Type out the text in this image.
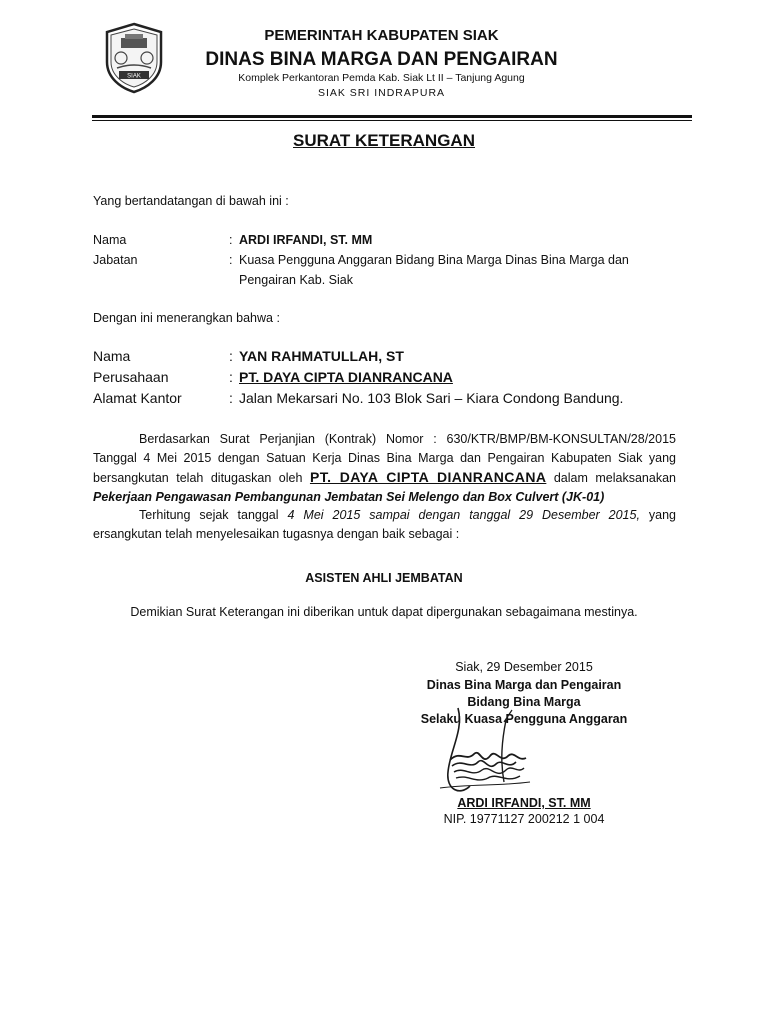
SIAK
PEMERINTAH KABUPATEN SIAK
DINAS BINA MARGA DAN PENGAIRAN
Komplek Perkantoran Pemda Kab. Siak Lt II – Tanjung Agung
SIAK SRI INDRAPURA
SURAT KETERANGAN
Yang bertandatangan di bawah ini :
Nama	: ARDI IRFANDI, ST. MM
Jabatan	: Kuasa Pengguna Anggaran Bidang Bina Marga Dinas Bina Marga dan
Pengairan Kab. Siak
Dengan ini menerangkan bahwa :
Nama	: YAN RAHMATULLAH, ST
Perusahaan	: PT. DAYA CIPTA DIANRANCANA
Alamat Kantor	: Jalan Mekarsari No. 103 Blok Sari – Kiara Condong Bandung.
Berdasarkan Surat Perjanjian (Kontrak) Nomor : 630/KTR/BMP/BM-KONSULTAN/28/2015
Tanggal 4 Mei 2015 dengan Satuan Kerja Dinas Bina Marga dan Pengairan Kabupaten Siak yang
bersangkutan telah ditugaskan oleh PT. DAYA CIPTA DIANRANCANA dalam melaksanakan
Pekerjaan Pengawasan Pembangunan Jembatan Sei Melengo dan Box Culvert (JK-01)
Terhitung sejak tanggal 4 Mei 2015 sampai dengan tanggal 29 Desember 2015, yang
ersangkutan telah menyelesaikan tugasnya dengan baik sebagai :
ASISTEN AHLI JEMBATAN
Demikian Surat Keterangan ini diberikan untuk dapat dipergunakan sebagaimana mestinya.
Siak, 29 Desember 2015
Dinas Bina Marga dan Pengairan
Bidang Bina Marga
Selaku Kuasa Pengguna Anggaran
ARDI IRFANDI, ST. MM
NIP. 19771127 200212 1 004
